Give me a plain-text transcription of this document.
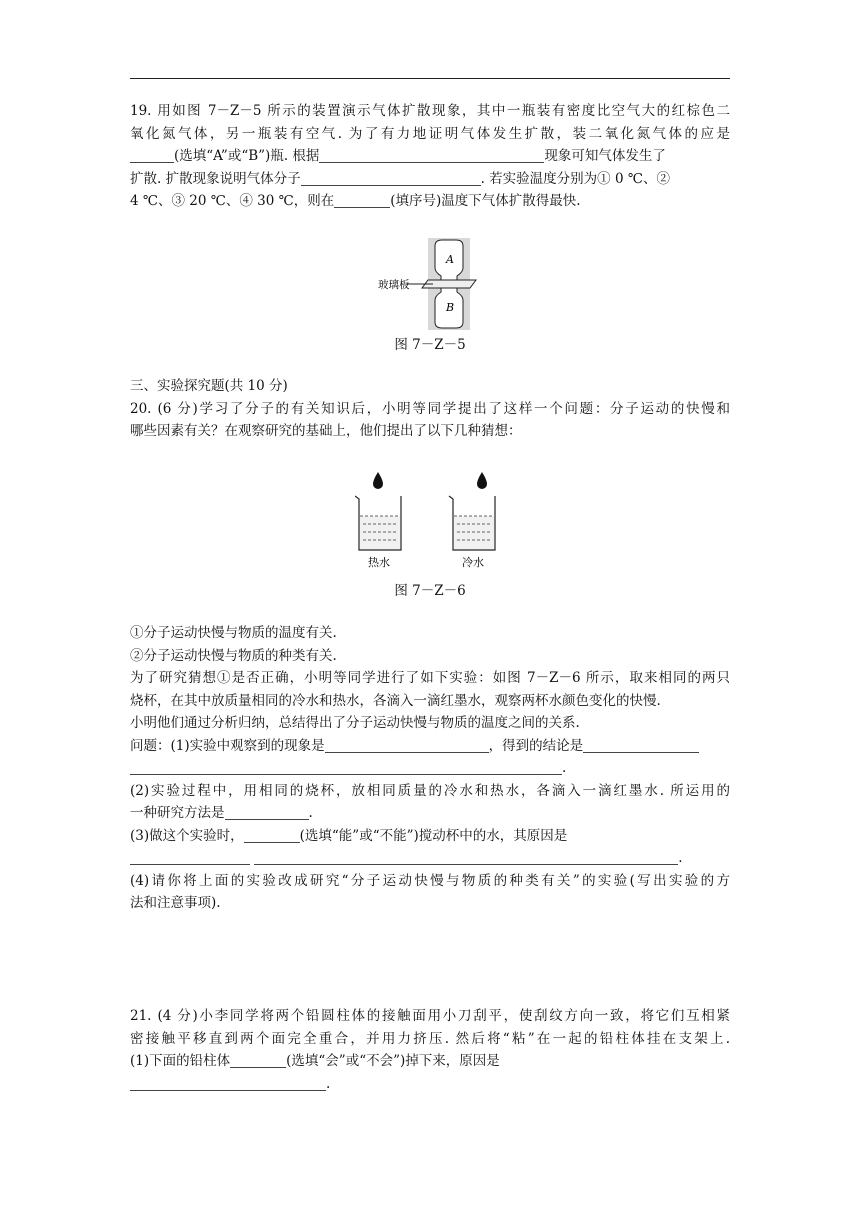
19. 用如图 7－Z－5 所示的装置演示气体扩散现象，其中一瓶装有密度比空气大的红棕色二
氧化氮气体，另一瓶装有空气. 为了有力地证明气体发生扩散，装二氧化氮气体的应是
(选填“A”或“B”)瓶. 根据	现象可知气体发生了
扩散. 扩散现象说明气体分子	. 若实验温度分别为① 0 ℃、②
4 ℃、③ 20 ℃、④ 30 ℃，则在	(填序号)温度下气体扩散得最快.
玻璃板
A
B
图 7－Z－5
三、实验探究题(共 10 分)
20. (6 分)学习了分子的有关知识后，小明等同学提出了这样一个问题：分子运动的快慢和
哪些因素有关？在观察研究的基础上，他们提出了以下几种猜想：
热水	冷水
图 7－Z－6
①分子运动快慢与物质的温度有关.
②分子运动快慢与物质的种类有关.
为了研究猜想①是否正确，小明等同学进行了如下实验：如图 7－Z－6 所示，取来相同的两只
烧杯，在其中放质量相同的冷水和热水，各滴入一滴红墨水，观察两杯水颜色变化的快慢.
小明他们通过分析归纳，总结得出了分子运动快慢与物质的温度之间的关系.
问题：(1)实验中观察到的现象是	，得到的结论是
.
(2)实验过程中，用相同的烧杯，放相同质量的冷水和热水，各滴入一滴红墨水. 所运用的
一种研究方法是	.
(3)做这个实验时，	(选填“能”或“不能”)搅动杯中的水，其原因是
.
(4)请你将上面的实验改成研究“分子运动快慢与物质的种类有关”的实验(写出实验的方
法和注意事项).
21. (4 分)小李同学将两个铅圆柱体的接触面用小刀刮平，使刮纹方向一致，将它们互相紧
密接触平移直到两个面完全重合，并用力挤压. 然后将“粘”在一起的铅柱体挂在支架上.
(1)下面的铅柱体	(选填“会”或“不会”)掉下来，原因是
.
